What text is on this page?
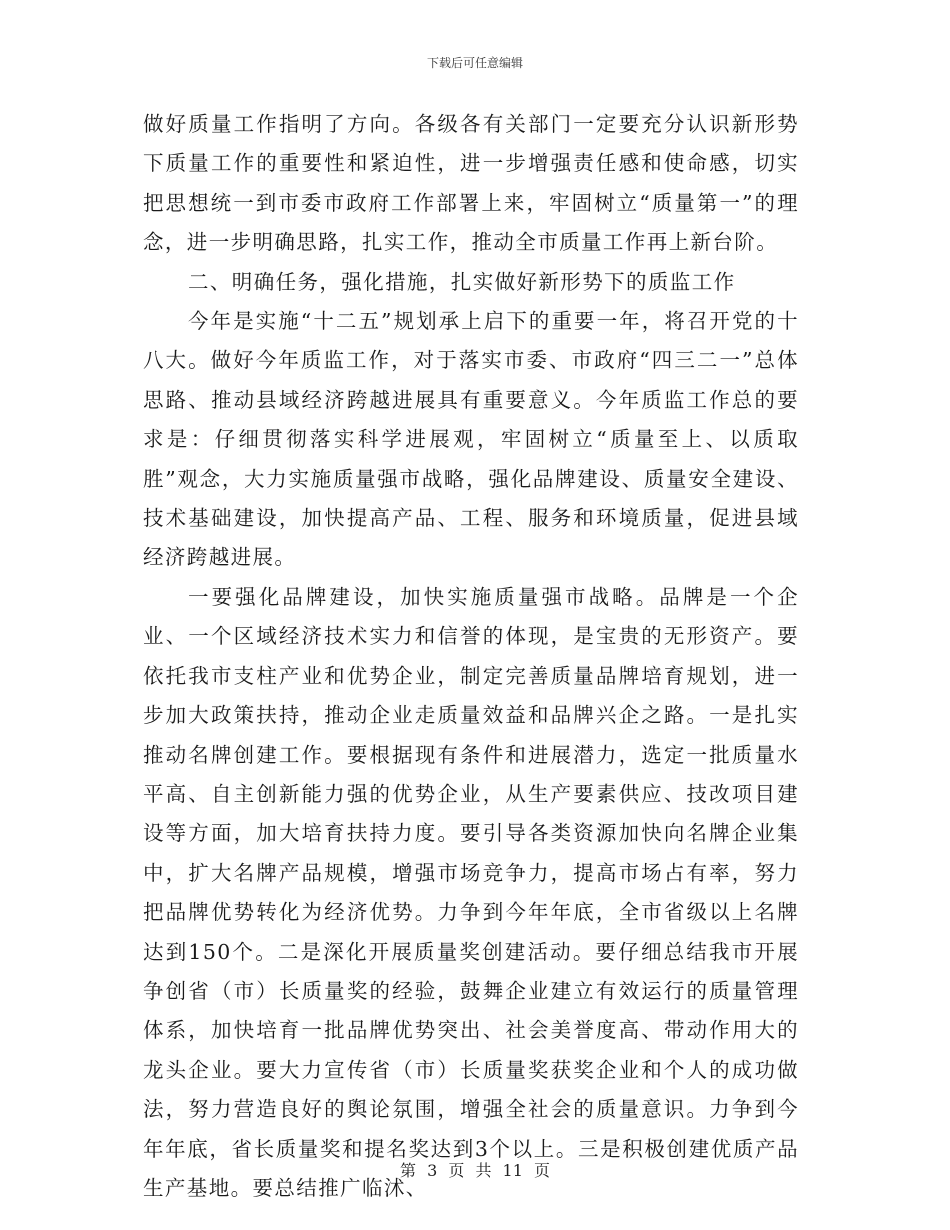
下载后可任意编辑

做好质量工作指明了方向。各级各有关部门一定要充分认识新形势下质量工作的重要性和紧迫性，进一步增强责任感和使命感，切实把思想统一到市委市政府工作部署上来，牢固树立“质量第一”的理念，进一步明确思路，扎实工作，推动全市质量工作再上新台阶。

二、明确任务，强化措施，扎实做好新形势下的质监工作

今年是实施“十二五”规划承上启下的重要一年，将召开党的十八大。做好今年质监工作，对于落实市委、市政府“四三二一”总体思路、推动县域经济跨越进展具有重要意义。今年质监工作总的要求是：仔细贯彻落实科学进展观，牢固树立“质量至上、以质取胜”观念，大力实施质量强市战略，强化品牌建设、质量安全建设、技术基础建设，加快提高产品、工程、服务和环境质量，促进县域经济跨越进展。

一要强化品牌建设，加快实施质量强市战略。品牌是一个企业、一个区域经济技术实力和信誉的体现，是宝贵的无形资产。要依托我市支柱产业和优势企业，制定完善质量品牌培育规划，进一步加大政策扶持，推动企业走质量效益和品牌兴企之路。一是扎实推动名牌创建工作。要根据现有条件和进展潜力，选定一批质量水平高、自主创新能力强的优势企业，从生产要素供应、技改项目建设等方面，加大培育扶持力度。要引导各类资源加快向名牌企业集中，扩大名牌产品规模，增强市场竞争力，提高市场占有率，努力把品牌优势转化为经济优势。力争到今年年底，全市省级以上名牌达到150个。二是深化开展质量奖创建活动。要仔细总结我市开展争创省（市）长质量奖的经验，鼓舞企业建立有效运行的质量管理体系，加快培育一批品牌优势突出、社会美誉度高、带动作用大的龙头企业。要大力宣传省（市）长质量奖获奖企业和个人的成功做法，努力营造良好的舆论氛围，增强全社会的质量意识。力争到今年年底，省长质量奖和提名奖达到3个以上。三是积极创建优质产品生产基地。要总结推广临沭、

第 3 页 共 11 页
